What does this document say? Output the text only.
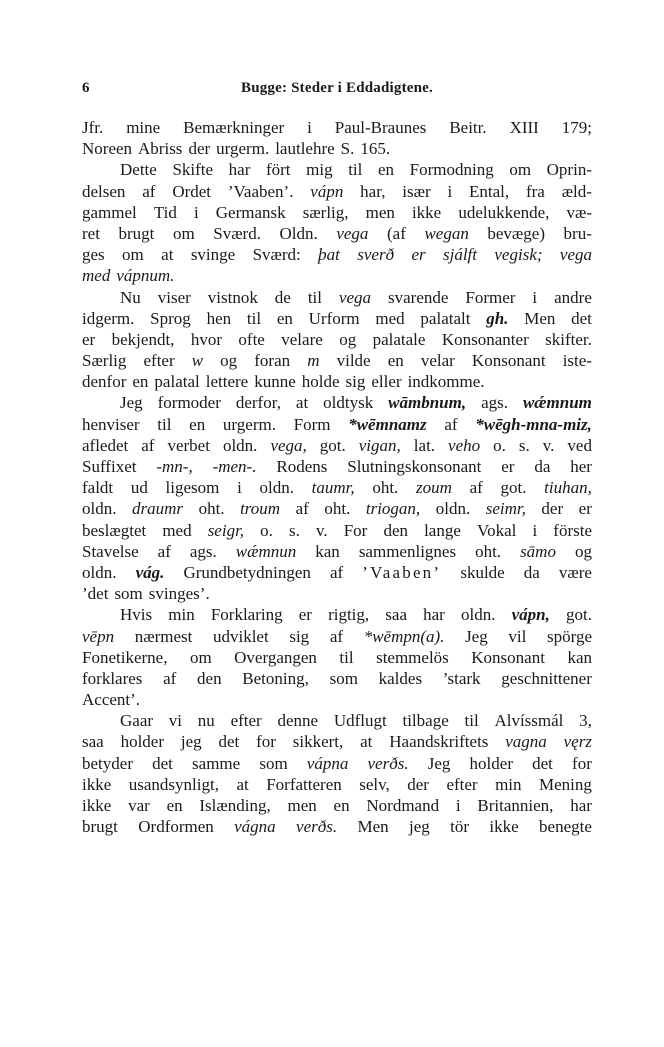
6	Bugge: Steder i Eddadigtene.
Jfr. mine Bemærkninger i Paul-Braunes Beitr. XIII 179;
Noreen Abriss der urgerm. lautlehre S. 165.
Dette Skifte har fört mig til en Formodning om Oprin-
delsen af Ordet ’Vaaben’. vápn har, især i Ental, fra æld-
gammel Tid i Germansk særlig, men ikke udelukkende, væ-
ret brugt om Sværd. Oldn. vega (af wegan bevæge) bru-
ges om at svinge Sværd: þat sverð er sjálft vegisk; vega
med vápnum.
Nu viser vistnok de til vega svarende Former i andre
idgerm. Sprog hen til en Urform med palatalt gh. Men det
er bekjendt, hvor ofte velare og palatale Konsonanter skifter.
Særlig efter w og foran m vilde en velar Konsonant iste-
denfor en palatal lettere kunne holde sig eller indkomme.
Jeg formoder derfor, at oldtysk wāmbnum, ags. wǽmnum
henviser til en urgerm. Form *wēmnamz af *wēgh-mna-miz,
afledet af verbet oldn. vega, got. vigan, lat. veho o. s. v. ved
Suffixet -mn-, -men-. Rodens Slutningskonsonant er da her
faldt ud ligesom i oldn. taumr, oht. zoum af got. tiuhan,
oldn. draumr oht. troum af oht. triogan, oldn. seimr, der er
beslægtet med seigr, o. s. v. For den lange Vokal i förste
Stavelse af ags. wǽmnun kan sammenlignes oht. sāmo og
oldn. vág. Grundbetydningen af ’Vaaben’ skulde da være
’det som svinges’.
Hvis min Forklaring er rigtig, saa har oldn. vápn, got.
vēpn nærmest udviklet sig af *wēmpn(a). Jeg vil spörge
Fonetikerne, om Overgangen til stemmelös Konsonant kan
forklares af den Betoning, som kaldes ’stark geschnittener
Accent’.
Gaar vi nu efter denne Udflugt tilbage til Alvíssmál 3,
saa holder jeg det for sikkert, at Haandskriftets vagna vęrz
betyder det samme som vápna verðs. Jeg holder det for
ikke usandsynligt, at Forfatteren selv, der efter min Mening
ikke var en Islænding, men en Nordmand i Britannien, har
brugt Ordformen vágna verðs. Men jeg tör ikke benegte
